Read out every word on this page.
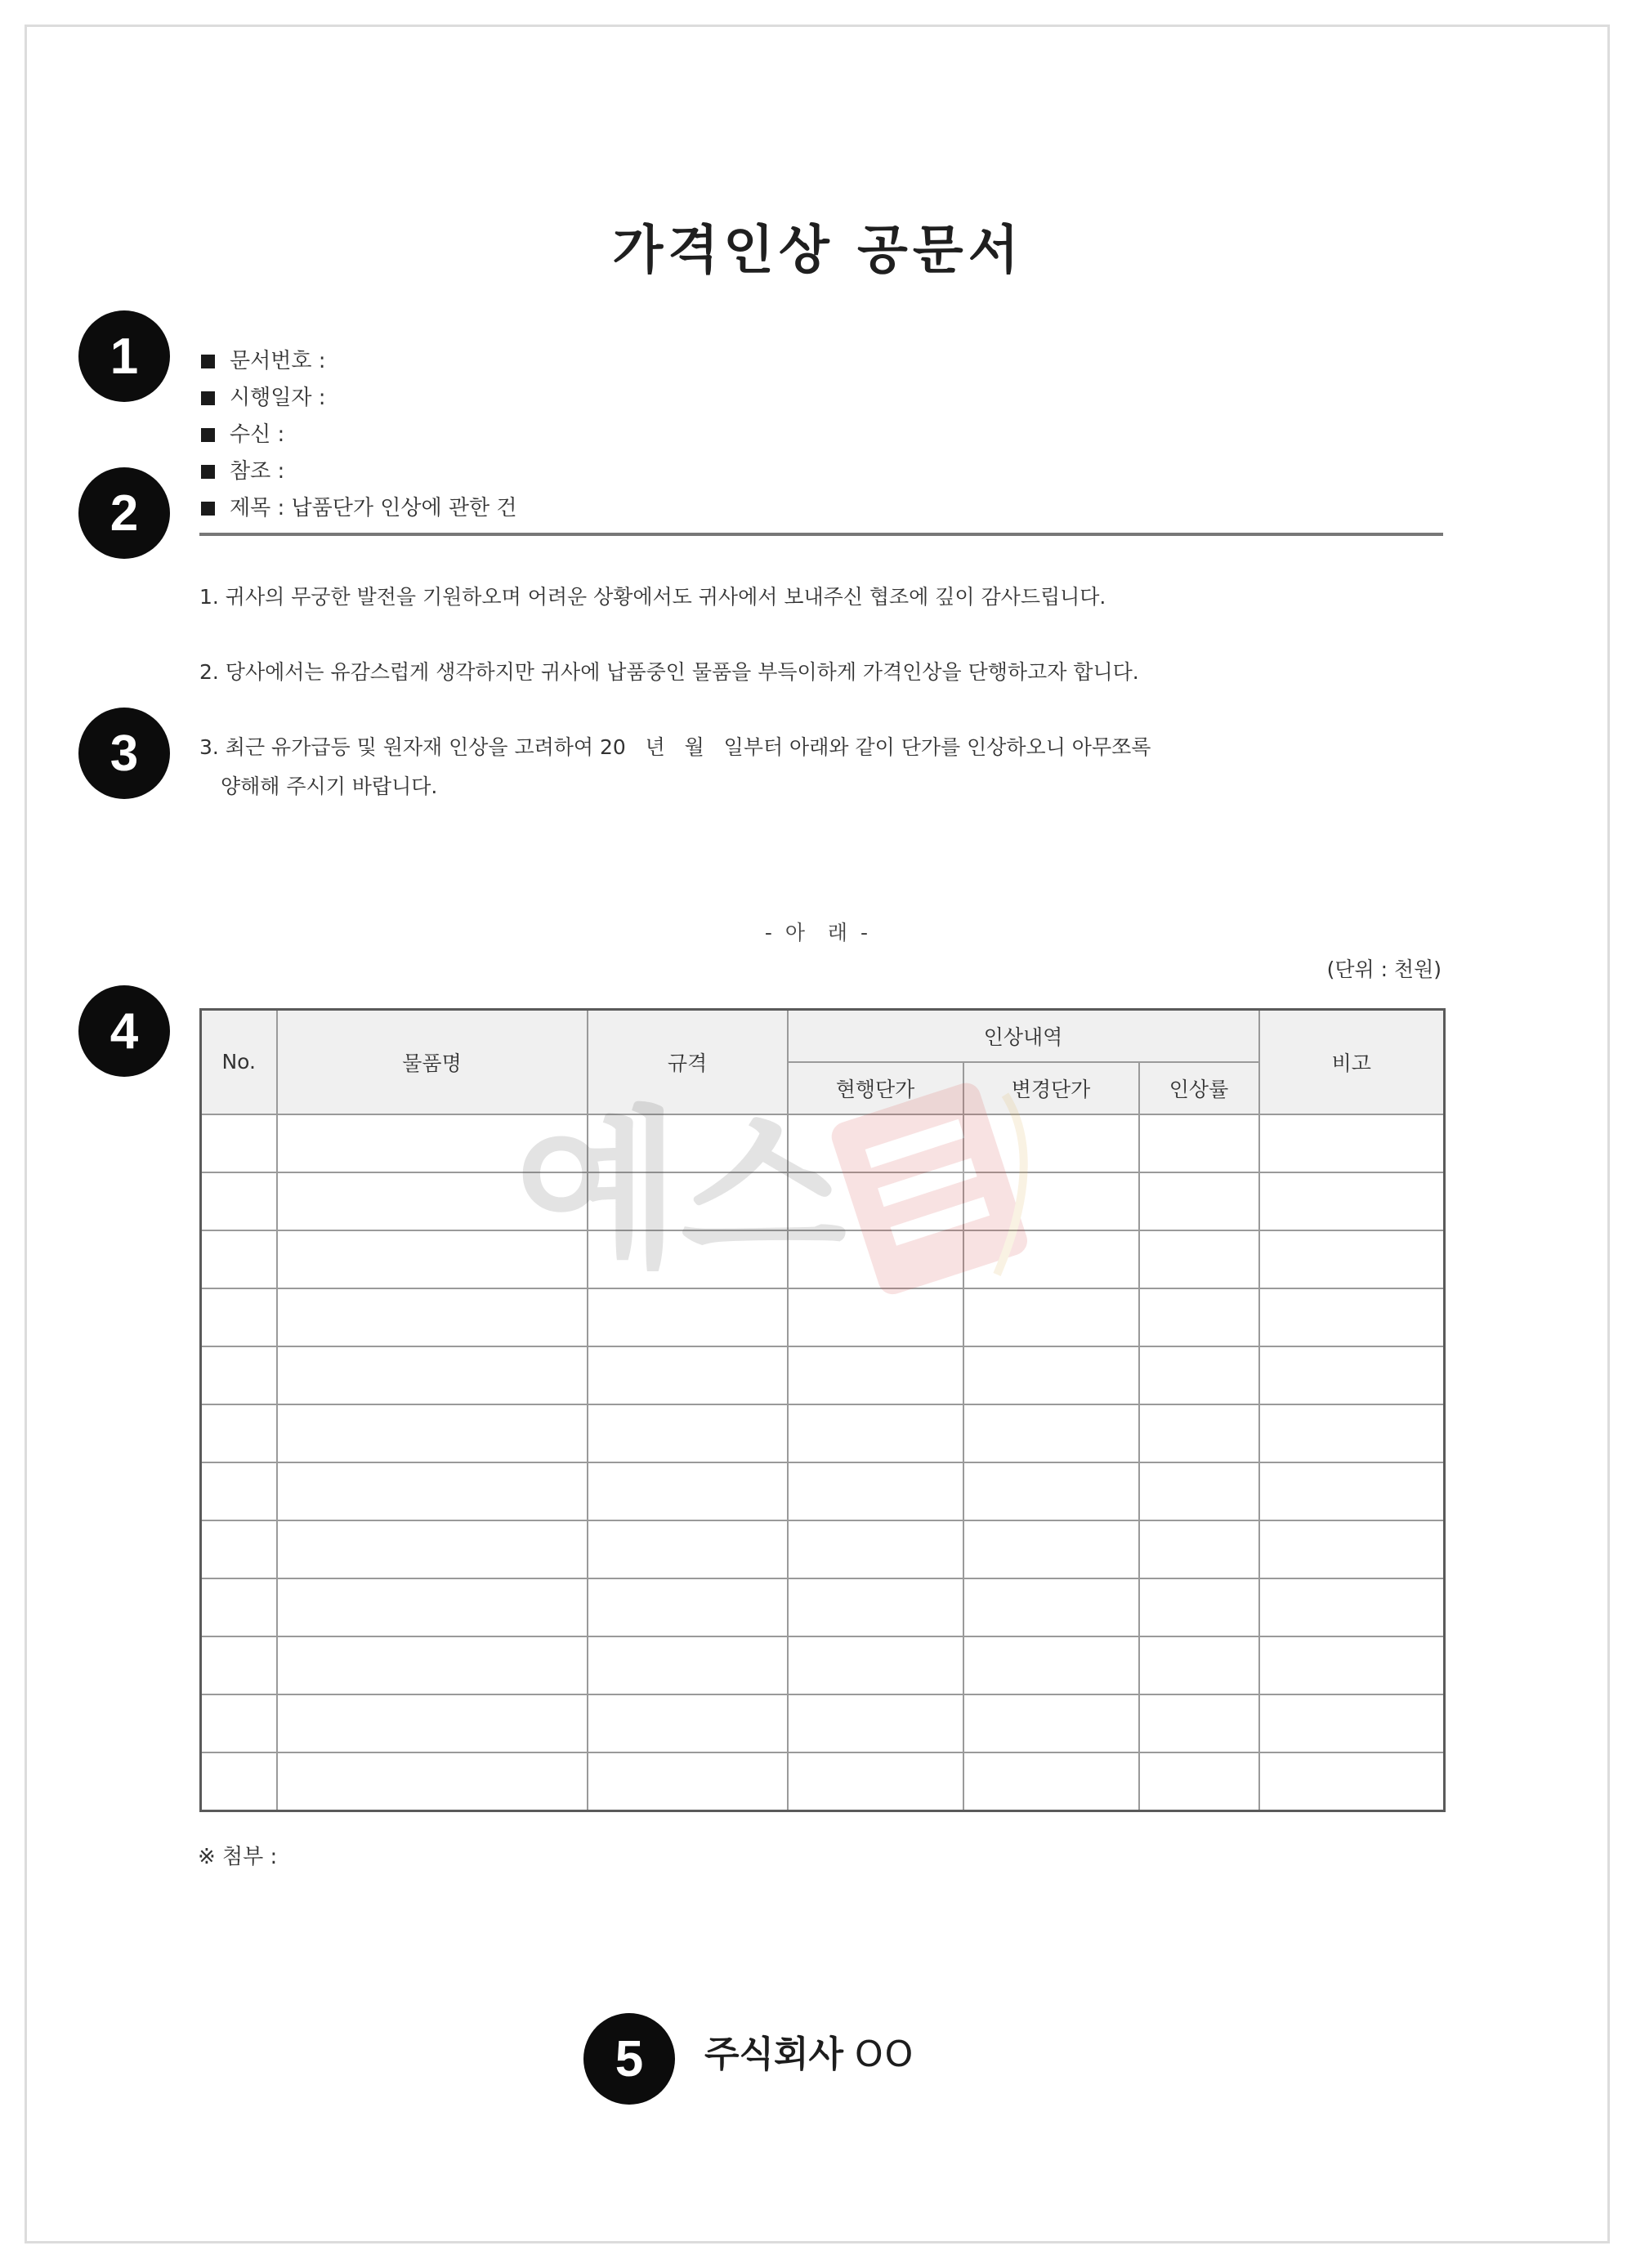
가격인상 공문서
1
2
3
4
5
문서번호 :
시행일자 :
수신 :
참조 :
제목 : 납품단가 인상에 관한 건
1. 귀사의 무궁한 발전을 기원하오며 어려운 상황에서도 귀사에서 보내주신 협조에 깊이 감사드립니다.
2. 당사에서는 유감스럽게 생각하지만 귀사에 납품중인 물품을 부득이하게 가격인상을 단행하고자 합니다.
3. 최근 유가급등 및 원자재 인상을 고려하여 20   년   월   일부터 아래와 같이 단가를 인상하오니 아무쪼록
양해해 주시기 바랍니다.
- 아  래 -
(단위 : 천원)
No.	물품명	규격	인상내역			비고
			현행단가	변경단가	인상률	

※ 첨부 :
주식회사 OO
